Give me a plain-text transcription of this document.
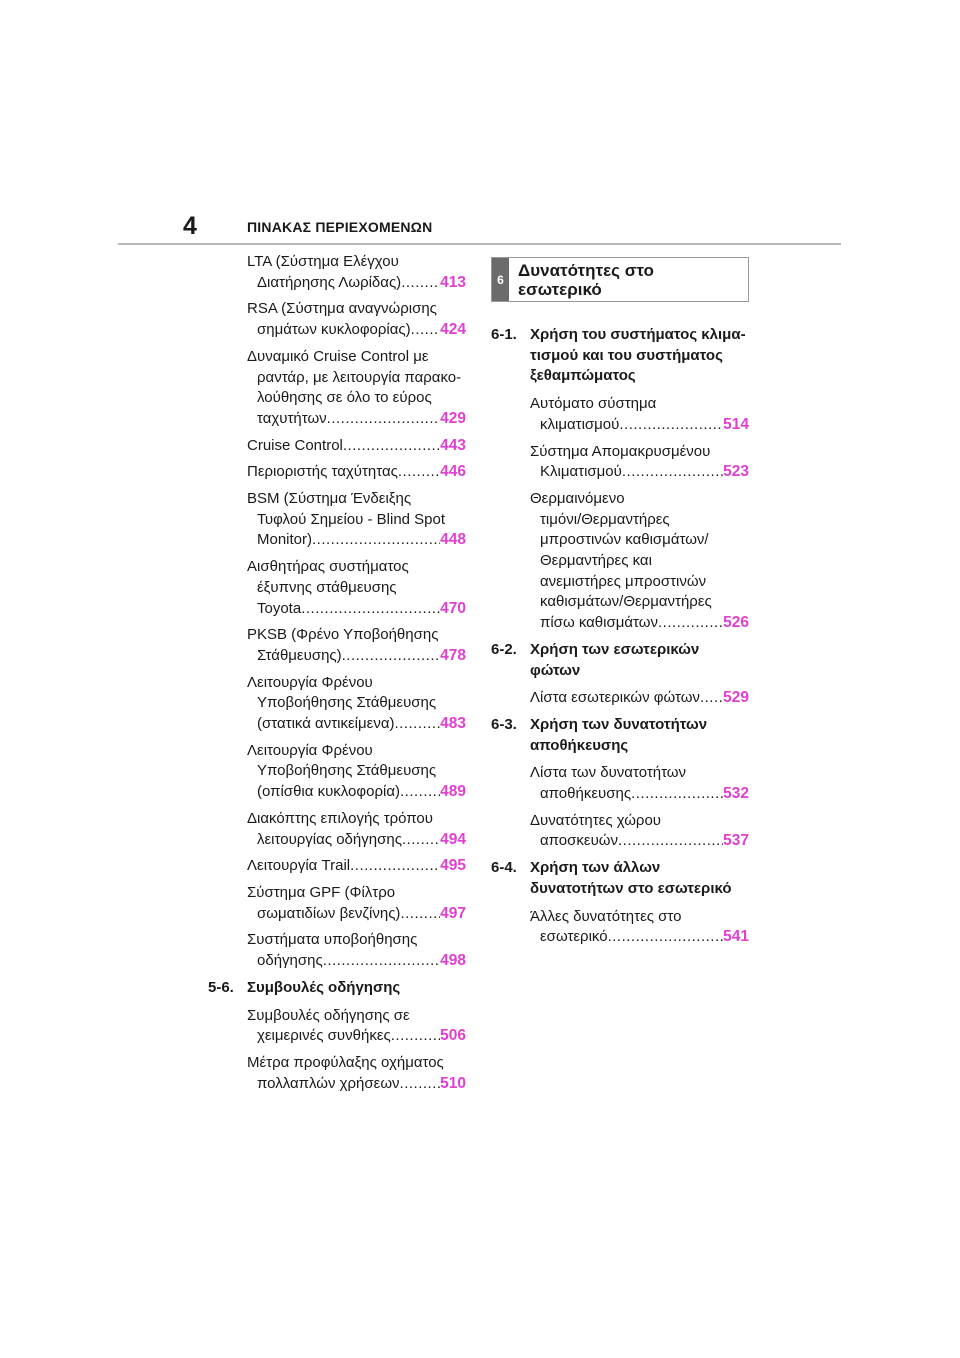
4	ΠΙΝΑΚΑΣ ΠΕΡΙΕΧΟΜΕΝΩΝ
LTA (Σύστημα Ελέγχου
Διατήρησης Λωρίδας) .....	413
RSA (Σύστημα αναγνώρισης
σημάτων κυκλοφορίας) ..... 424
Δυναμικό Cruise Control με
ραντάρ, με λειτουργία παρακο-
λούθησης σε όλο το εύρος
ταχυτήτων .....	429
Cruise Control .....	443
Περιοριστής ταχύτητας .....	446
BSM (Σύστημα Ένδειξης
Τυφλού Σημείου - Blind Spot
Monitor) .....	448
Αισθητήρας συστήματος
έξυπνης στάθμευσης
Toyota .....	470
PKSB (Φρένο Υποβοήθησης
Στάθμευσης) .....	478
Λειτουργία Φρένου
Υποβοήθησης Στάθμευσης
(στατικά αντικείμενα) .....	483
Λειτουργία Φρένου
Υποβοήθησης Στάθμευσης
(οπίσθια κυκλοφορία) .....	489
Διακόπτης επιλογής τρόπου
λειτουργίας οδήγησης ..... 494
Λειτουργία Trail .....	495
Σύστημα GPF (Φίλτρο
σωματιδίων βενζίνης) .....	497
Συστήματα υποβοήθησης
οδήγησης .....	498
5-6. Συμβουλές οδήγησης
Συμβουλές οδήγησης σε
χειμερινές συνθήκες .....	506
Μέτρα προφύλαξης οχήματος
πολλαπλών χρήσεων .....	510
6 Δυνατότητες στο
εσωτερικό
6-1. Χρήση του συστήματος κλιμα-
τισμού και του συστήματος
ξεθαμπώματος
Αυτόματο σύστημα
κλιματισμού .....	514
Σύστημα Απομακρυσμένου
Κλιματισμού .....	523
Θερμαινόμενο
τιμόνι/Θερμαντήρες
μπροστινών καθισμάτων/
Θερμαντήρες και
ανεμιστήρες μπροστινών
καθισμάτων/Θερμαντήρες
πίσω καθισμάτων .....	526
6-2. Χρήση των εσωτερικών
φώτων
Λίστα εσωτερικών φώτων ..... 529
6-3. Χρήση των δυνατοτήτων
αποθήκευσης
Λίστα των δυνατοτήτων
αποθήκευσης .....	532
Δυνατότητες χώρου
αποσκευών .....	537
6-4. Χρήση των άλλων
δυνατοτήτων στο εσωτερικό
Άλλες δυνατότητες στο
εσωτερικό .....	541
